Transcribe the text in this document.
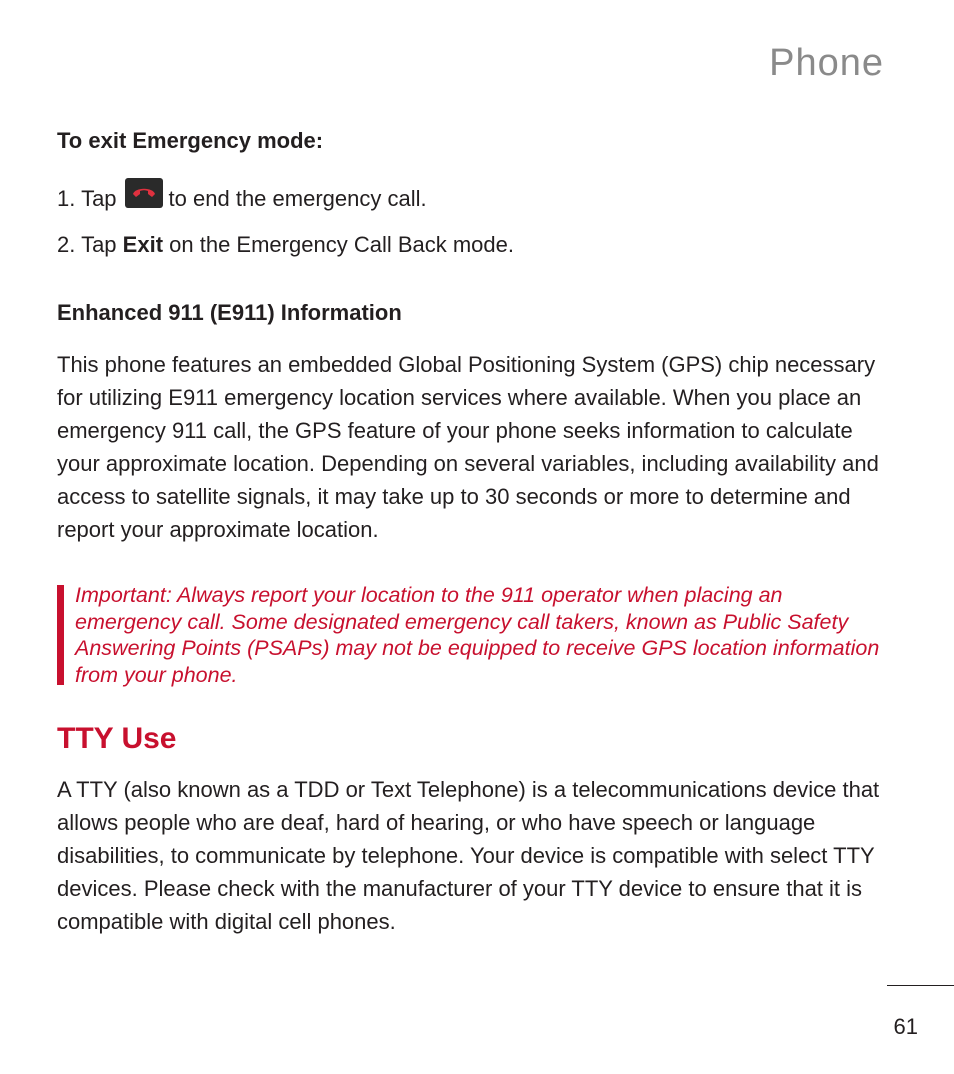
Phone

To exit Emergency mode:

1. Tap to end the emergency call.

2. Tap Exit on the Emergency Call Back mode.

Enhanced 911 (E911) Information

This phone features an embedded Global Positioning System (GPS) chip necessary for utilizing E911 emergency location services where available. When you place an emergency 911 call, the GPS feature of your phone seeks information to calculate your approximate location. Depending on several variables, including availability and access to satellite signals, it may take up to 30 seconds or more to determine and report your approximate location.

Important: Always report your location to the 911 operator when placing an emergency call. Some designated emergency call takers, known as Public Safety Answering Points (PSAPs) may not be equipped to receive GPS location information from your phone.

TTY Use

A TTY (also known as a TDD or Text Telephone) is a telecommunications device that allows people who are deaf, hard of hearing, or who have speech or language disabilities, to communicate by telephone. Your device is compatible with select TTY devices. Please check with the manufacturer of your TTY device to ensure that it is compatible with digital cell phones.

61
